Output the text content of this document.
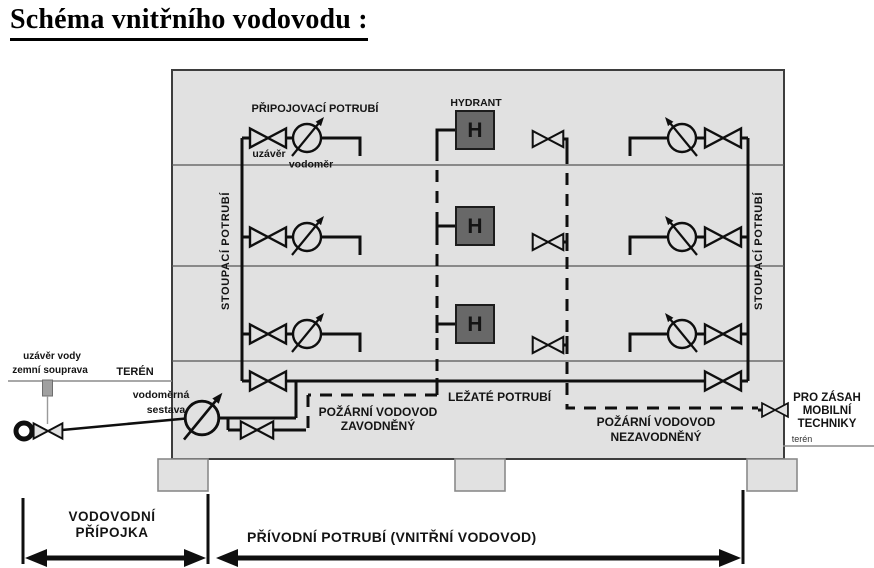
Schéma vnitřního vodovodu :
H
H
H
PŘIPOJOVACÍ POTRUBÍ
uzávěr
vodoměr
HYDRANT
STOUPACÍ POTRUBÍ	STOUPACÍ POTRUBÍ
TERÉN
uzávěr vody
zemní souprava
vodoměrná
sestava
LEŽATÉ POTRUBÍ
POŽÁRNÍ VODOVOD
ZAVODNĚNÝ	POŽÁRNÍ VODOVOD
NEZAVODNĚNÝ
PRO ZÁSAH
MOBILNÍ
TECHNIKY
terén
VODOVODNÍ
PŘÍPOJKA	PŘÍVODNÍ POTRUBÍ (VNITŘNÍ VODOVOD)
